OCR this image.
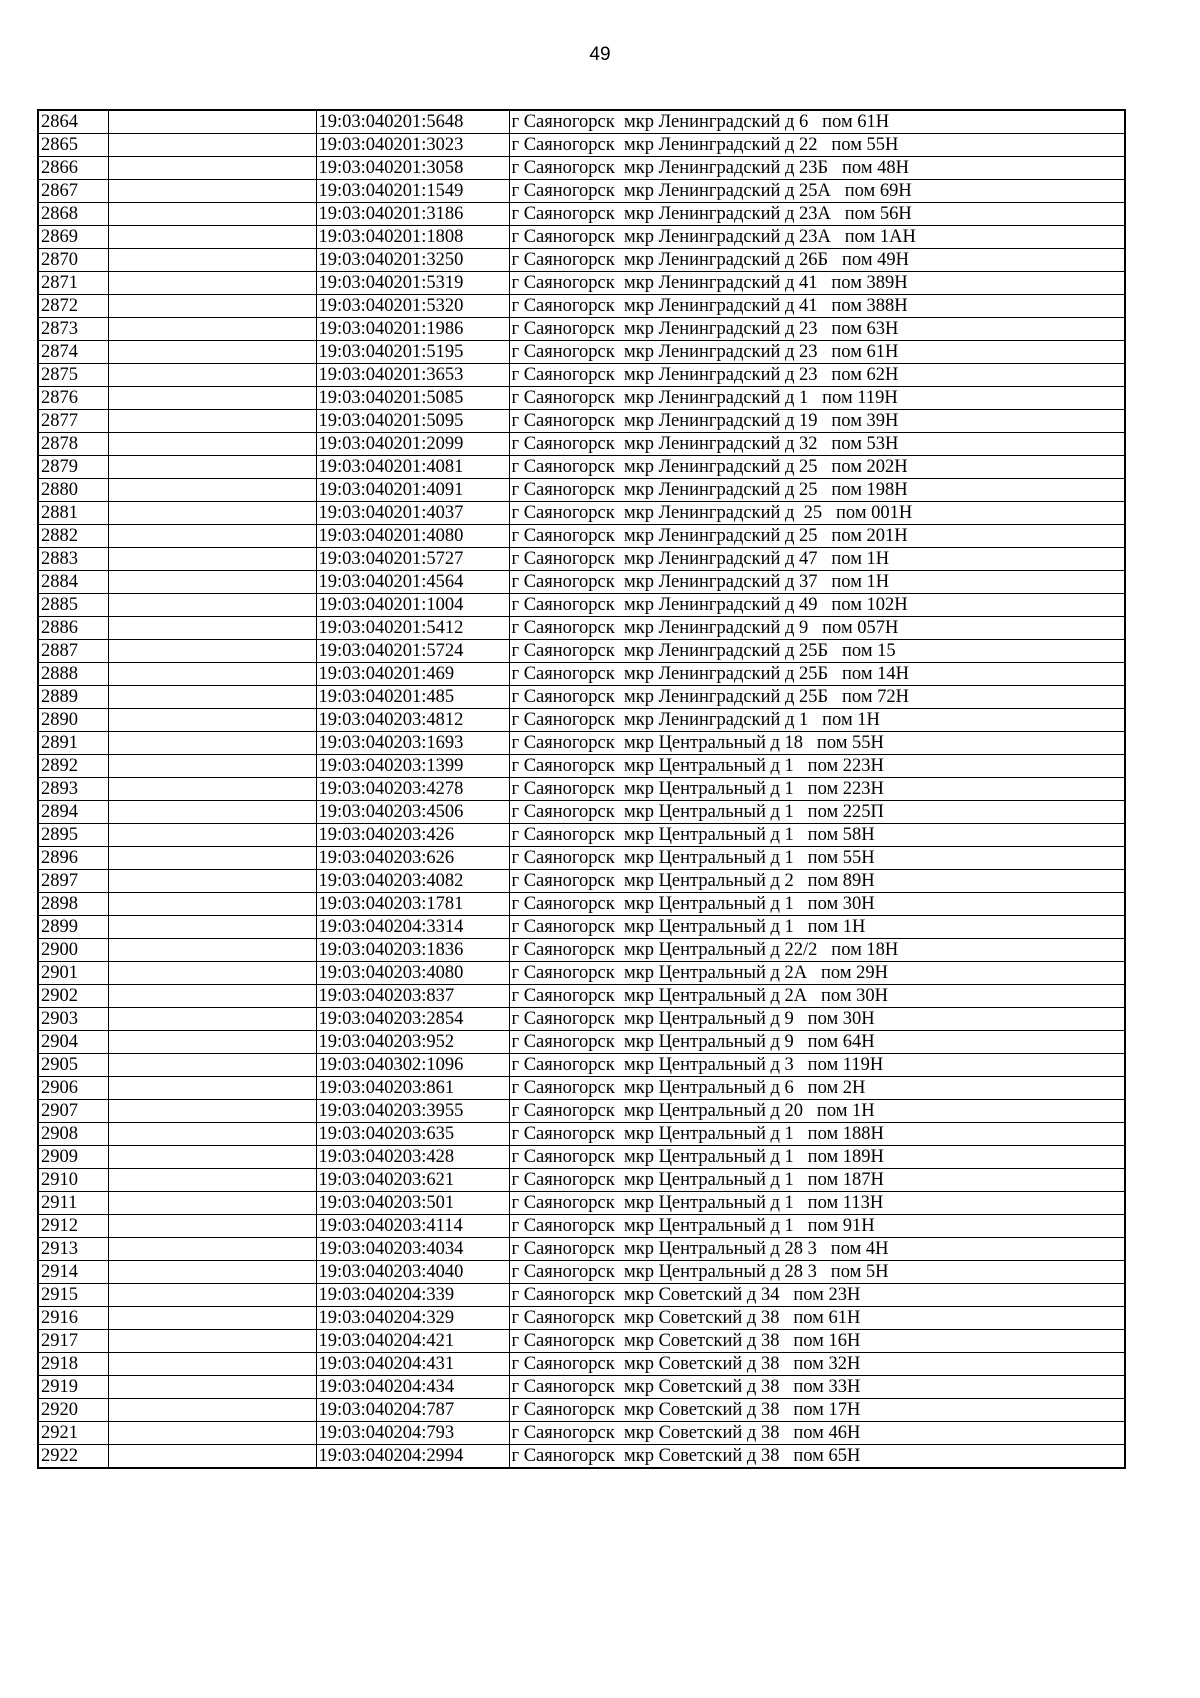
49
2864		19:03:040201:5648	г Саяногорск  мкр Ленинградский д 6   пом 61Н
2865		19:03:040201:3023	г Саяногорск  мкр Ленинградский д 22   пом 55Н
2866		19:03:040201:3058	г Саяногорск  мкр Ленинградский д 23Б   пом 48Н
2867		19:03:040201:1549	г Саяногорск  мкр Ленинградский д 25А   пом 69Н
2868		19:03:040201:3186	г Саяногорск  мкр Ленинградский д 23А   пом 56Н
2869		19:03:040201:1808	г Саяногорск  мкр Ленинградский д 23А   пом 1АН
2870		19:03:040201:3250	г Саяногорск  мкр Ленинградский д 26Б   пом 49Н
2871		19:03:040201:5319	г Саяногорск  мкр Ленинградский д 41   пом 389Н
2872		19:03:040201:5320	г Саяногорск  мкр Ленинградский д 41   пом 388Н
2873		19:03:040201:1986	г Саяногорск  мкр Ленинградский д 23   пом 63Н
2874		19:03:040201:5195	г Саяногорск  мкр Ленинградский д 23   пом 61Н
2875		19:03:040201:3653	г Саяногорск  мкр Ленинградский д 23   пом 62Н
2876		19:03:040201:5085	г Саяногорск  мкр Ленинградский д 1   пом 119Н
2877		19:03:040201:5095	г Саяногорск  мкр Ленинградский д 19   пом 39Н
2878		19:03:040201:2099	г Саяногорск  мкр Ленинградский д 32   пом 53Н
2879		19:03:040201:4081	г Саяногорск  мкр Ленинградский д 25   пом 202Н
2880		19:03:040201:4091	г Саяногорск  мкр Ленинградский д 25   пом 198Н
2881		19:03:040201:4037	г Саяногорск  мкр Ленинградский д  25   пом 001Н
2882		19:03:040201:4080	г Саяногорск  мкр Ленинградский д 25   пом 201Н
2883		19:03:040201:5727	г Саяногорск  мкр Ленинградский д 47   пом 1Н
2884		19:03:040201:4564	г Саяногорск  мкр Ленинградский д 37   пом 1Н
2885		19:03:040201:1004	г Саяногорск  мкр Ленинградский д 49   пом 102Н
2886		19:03:040201:5412	г Саяногорск  мкр Ленинградский д 9   пом 057Н
2887		19:03:040201:5724	г Саяногорск  мкр Ленинградский д 25Б   пом 15
2888		19:03:040201:469	г Саяногорск  мкр Ленинградский д 25Б   пом 14Н
2889		19:03:040201:485	г Саяногорск  мкр Ленинградский д 25Б   пом 72Н
2890		19:03:040203:4812	г Саяногорск  мкр Ленинградский д 1   пом 1Н
2891		19:03:040203:1693	г Саяногорск  мкр Центральный д 18   пом 55Н
2892		19:03:040203:1399	г Саяногорск  мкр Центральный д 1   пом 223Н
2893		19:03:040203:4278	г Саяногорск  мкр Центральный д 1   пом 223Н
2894		19:03:040203:4506	г Саяногорск  мкр Центральный д 1   пом 225П
2895		19:03:040203:426	г Саяногорск  мкр Центральный д 1   пом 58Н
2896		19:03:040203:626	г Саяногорск  мкр Центральный д 1   пом 55Н
2897		19:03:040203:4082	г Саяногорск  мкр Центральный д 2   пом 89Н
2898		19:03:040203:1781	г Саяногорск  мкр Центральный д 1   пом 30Н
2899		19:03:040204:3314	г Саяногорск  мкр Центральный д 1   пом 1Н
2900		19:03:040203:1836	г Саяногорск  мкр Центральный д 22/2   пом 18Н
2901		19:03:040203:4080	г Саяногорск  мкр Центральный д 2А   пом 29Н
2902		19:03:040203:837	г Саяногорск  мкр Центральный д 2А   пом 30Н
2903		19:03:040203:2854	г Саяногорск  мкр Центральный д 9   пом 30Н
2904		19:03:040203:952	г Саяногорск  мкр Центральный д 9   пом 64Н
2905		19:03:040302:1096	г Саяногорск  мкр Центральный д 3   пом 119Н
2906		19:03:040203:861	г Саяногорск  мкр Центральный д 6   пом 2Н
2907		19:03:040203:3955	г Саяногорск  мкр Центральный д 20   пом 1Н
2908		19:03:040203:635	г Саяногорск  мкр Центральный д 1   пом 188Н
2909		19:03:040203:428	г Саяногорск  мкр Центральный д 1   пом 189Н
2910		19:03:040203:621	г Саяногорск  мкр Центральный д 1   пом 187Н
2911		19:03:040203:501	г Саяногорск  мкр Центральный д 1   пом 113Н
2912		19:03:040203:4114	г Саяногорск  мкр Центральный д 1   пом 91Н
2913		19:03:040203:4034	г Саяногорск  мкр Центральный д 28 3   пом 4Н
2914		19:03:040203:4040	г Саяногорск  мкр Центральный д 28 3   пом 5Н
2915		19:03:040204:339	г Саяногорск  мкр Советский д 34   пом 23Н
2916		19:03:040204:329	г Саяногорск  мкр Советский д 38   пом 61Н
2917		19:03:040204:421	г Саяногорск  мкр Советский д 38   пом 16Н
2918		19:03:040204:431	г Саяногорск  мкр Советский д 38   пом 32Н
2919		19:03:040204:434	г Саяногорск  мкр Советский д 38   пом 33Н
2920		19:03:040204:787	г Саяногорск  мкр Советский д 38   пом 17Н
2921		19:03:040204:793	г Саяногорск  мкр Советский д 38   пом 46Н
2922		19:03:040204:2994	г Саяногорск  мкр Советский д 38   пом 65Н
